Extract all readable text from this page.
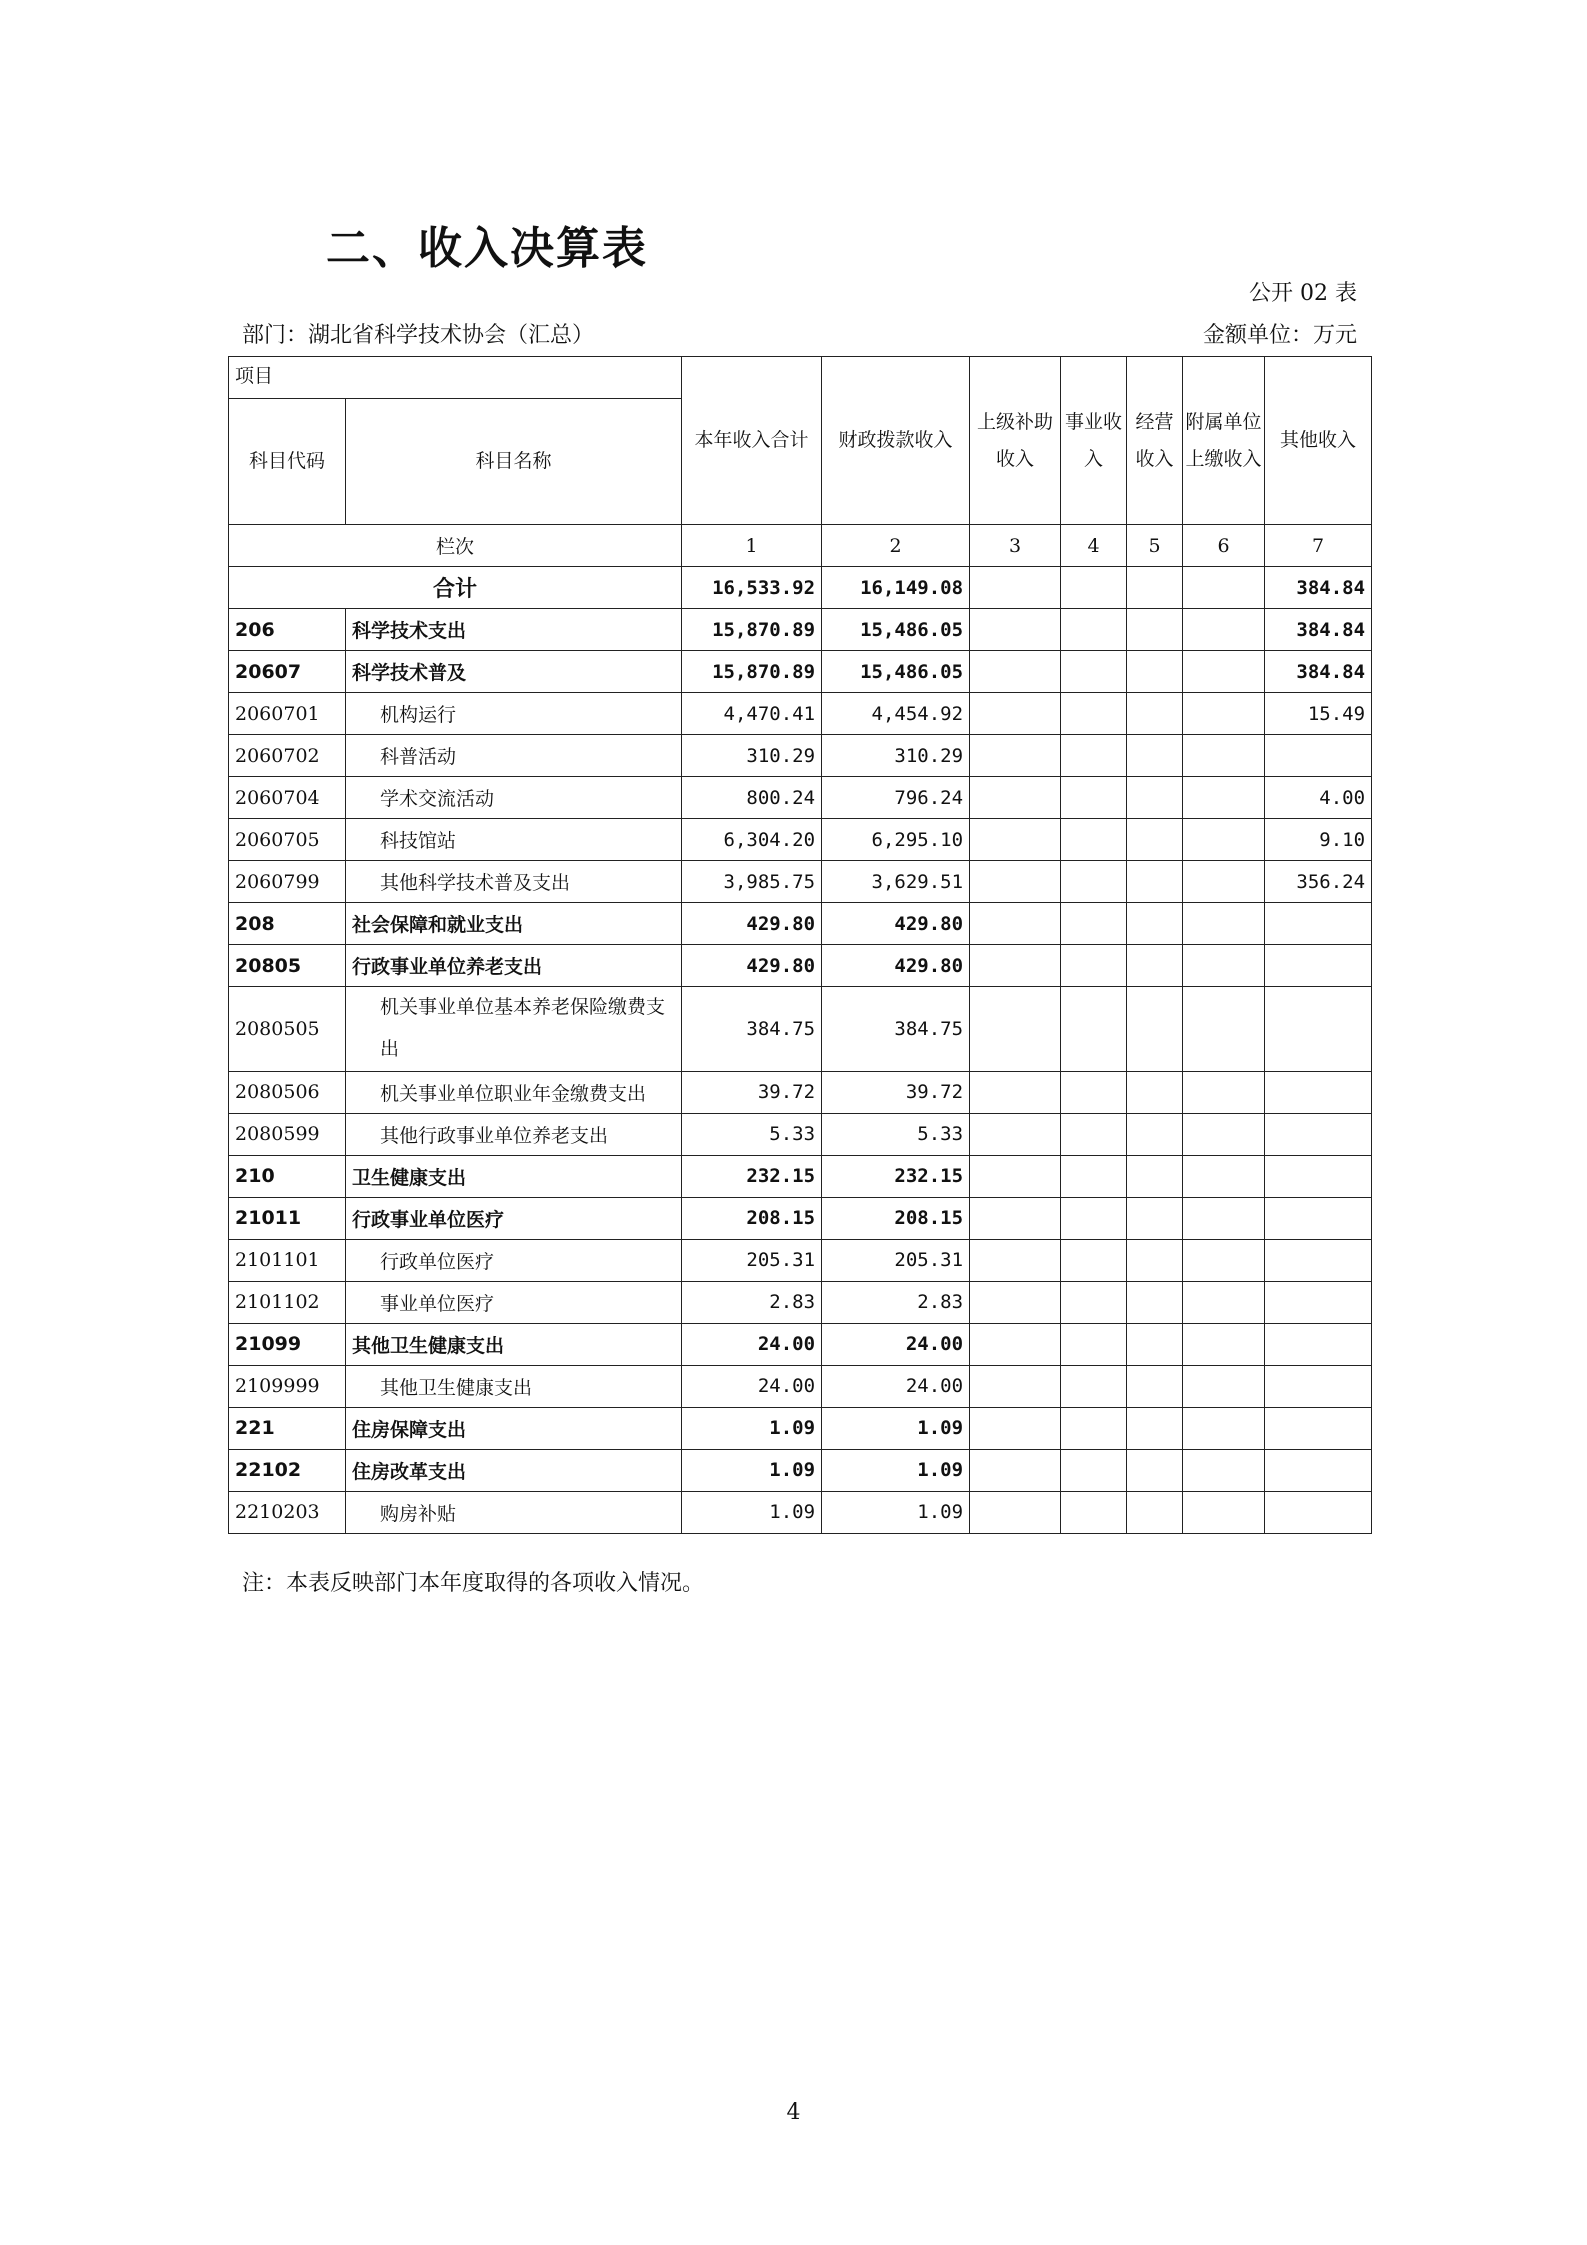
二、收入决算表
公开 02 表
部门：湖北省科学技术协会（汇总）	金额单位：万元
项目		本年收入合计	财政拨款收入	上级补助收入	事业收入	经营收入	附属单位上缴收入	其他收入
科目代码	科目名称							
栏次		1	2	3	4	5	6	7
合计		16,533.92	16,149.08					384.84
206	科学技术支出	15,870.89	15,486.05					384.84
20607	科学技术普及	15,870.89	15,486.05					384.84
2060701	机构运行	4,470.41	4,454.92					15.49
2060702	科普活动	310.29	310.29					
2060704	学术交流活动	800.24	796.24					4.00
2060705	科技馆站	6,304.20	6,295.10					9.10
2060799	其他科学技术普及支出	3,985.75	3,629.51					356.24
208	社会保障和就业支出	429.80	429.80					
20805	行政事业单位养老支出	429.80	429.80					
2080505	机关事业单位基本养老保险缴费支出	384.75	384.75					
2080506	机关事业单位职业年金缴费支出	39.72	39.72					
2080599	其他行政事业单位养老支出	5.33	5.33					
210	卫生健康支出	232.15	232.15					
21011	行政事业单位医疗	208.15	208.15					
2101101	行政单位医疗	205.31	205.31					
2101102	事业单位医疗	2.83	2.83					
21099	其他卫生健康支出	24.00	24.00					
2109999	其他卫生健康支出	24.00	24.00					
221	住房保障支出	1.09	1.09					
22102	住房改革支出	1.09	1.09					
2210203	购房补贴	1.09	1.09					
注：本表反映部门本年度取得的各项收入情况。
4
